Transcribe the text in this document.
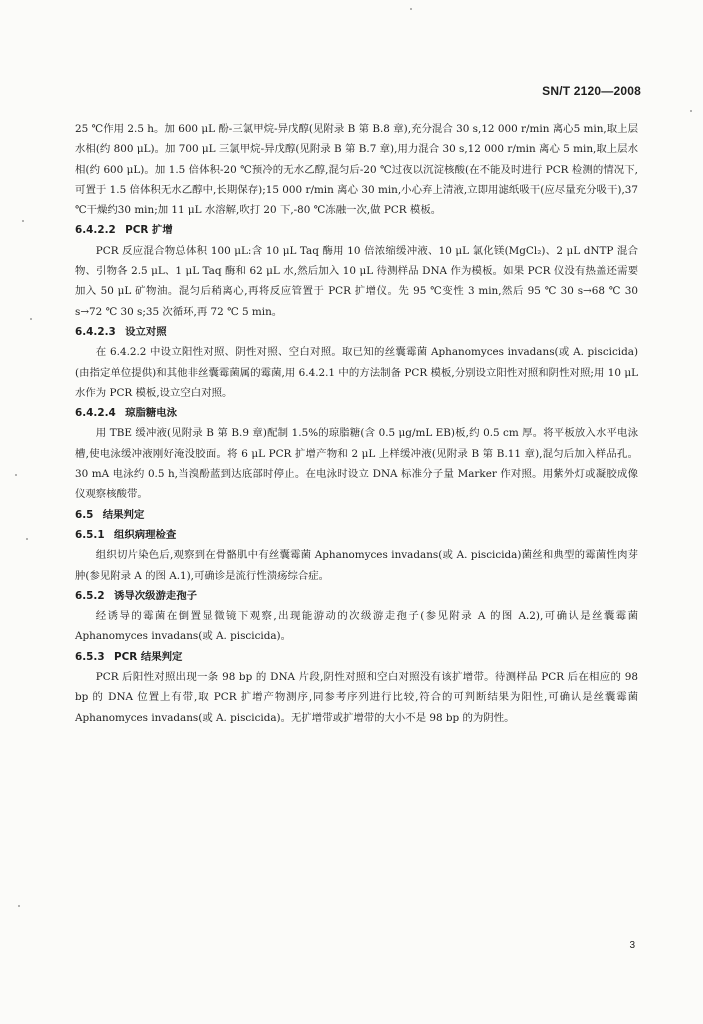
SN/T 2120—2008

25 ℃作用 2.5 h。加 600 μL 酚-三氯甲烷-异戊醇(见附录 B 第 B.8 章),充分混合 30 s,12 000 r/min 离心5 min,取上层水相(约 800 μL)。加 700 μL 三氯甲烷-异戊醇(见附录 B 第 B.7 章),用力混合 30 s,12 000 r/min 离心 5 min,取上层水相(约 600 μL)。加 1.5 倍体积-20 ℃预冷的无水乙醇,混匀后-20 ℃过夜以沉淀核酸(在不能及时进行 PCR 检测的情况下,可置于 1.5 倍体积无水乙醇中,长期保存);15 000 r/min 离心 30 min,小心弃上清液,立即用滤纸吸干(应尽量充分吸干),37 ℃干燥约30 min;加 11 μL 水溶解,吹打 20 下,-80 ℃冻融一次,做 PCR 模板。

6.4.2.2 PCR 扩增

PCR 反应混合物总体积 100 μL:含 10 μL Taq 酶用 10 倍浓缩缓冲液、10 μL 氯化镁(MgCl₂)、2 μL dNTP 混合物、引物各 2.5 μL、1 μL Taq 酶和 62 μL 水,然后加入 10 μL 待测样品 DNA 作为模板。如果 PCR 仪没有热盖还需要加入 50 μL 矿物油。混匀后稍离心,再将反应管置于 PCR 扩增仪。先 95 ℃变性 3 min,然后 95 ℃ 30 s→68 ℃ 30 s→72 ℃ 30 s;35 次循环,再 72 ℃ 5 min。

6.4.2.3 设立对照

在 6.4.2.2 中设立阳性对照、阴性对照、空白对照。取已知的丝囊霉菌 Aphanomyces invadans(或 A. piscicida)(由指定单位提供)和其他非丝囊霉菌属的霉菌,用 6.4.2.1 中的方法制备 PCR 模板,分别设立阳性对照和阴性对照;用 10 μL 水作为 PCR 模板,设立空白对照。

6.4.2.4 琼脂糖电泳

用 TBE 缓冲液(见附录 B 第 B.9 章)配制 1.5%的琼脂糖(含 0.5 μg/mL EB)板,约 0.5 cm 厚。将平板放入水平电泳槽,使电泳缓冲液刚好淹没胶面。将 6 μL PCR 扩增产物和 2 μL 上样缓冲液(见附录 B 第 B.11 章),混匀后加入样品孔。30 mA 电泳约 0.5 h,当溴酚蓝到达底部时停止。在电泳时设立 DNA 标准分子量 Marker 作对照。用紫外灯或凝胶成像仪观察核酸带。

6.5 结果判定
6.5.1 组织病理检查

组织切片染色后,观察到在骨骼肌中有丝囊霉菌 Aphanomyces invadans(或 A. piscicida)菌丝和典型的霉菌性肉芽肿(参见附录 A 的图 A.1),可确诊是流行性溃疡综合症。

6.5.2 诱导次级游走孢子

经诱导的霉菌在倒置显微镜下观察,出现能游动的次级游走孢子(参见附录 A 的图 A.2),可确认是丝囊霉菌 Aphanomyces invadans(或 A. piscicida)。

6.5.3 PCR 结果判定

PCR 后阳性对照出现一条 98 bp 的 DNA 片段,阴性对照和空白对照没有该扩增带。待测样品 PCR 后在相应的 98 bp 的 DNA 位置上有带,取 PCR 扩增产物测序,同参考序列进行比较,符合的可判断结果为阳性,可确认是丝囊霉菌 Aphanomyces invadans(或 A. piscicida)。无扩增带或扩增带的大小不是 98 bp 的为阴性。

3
